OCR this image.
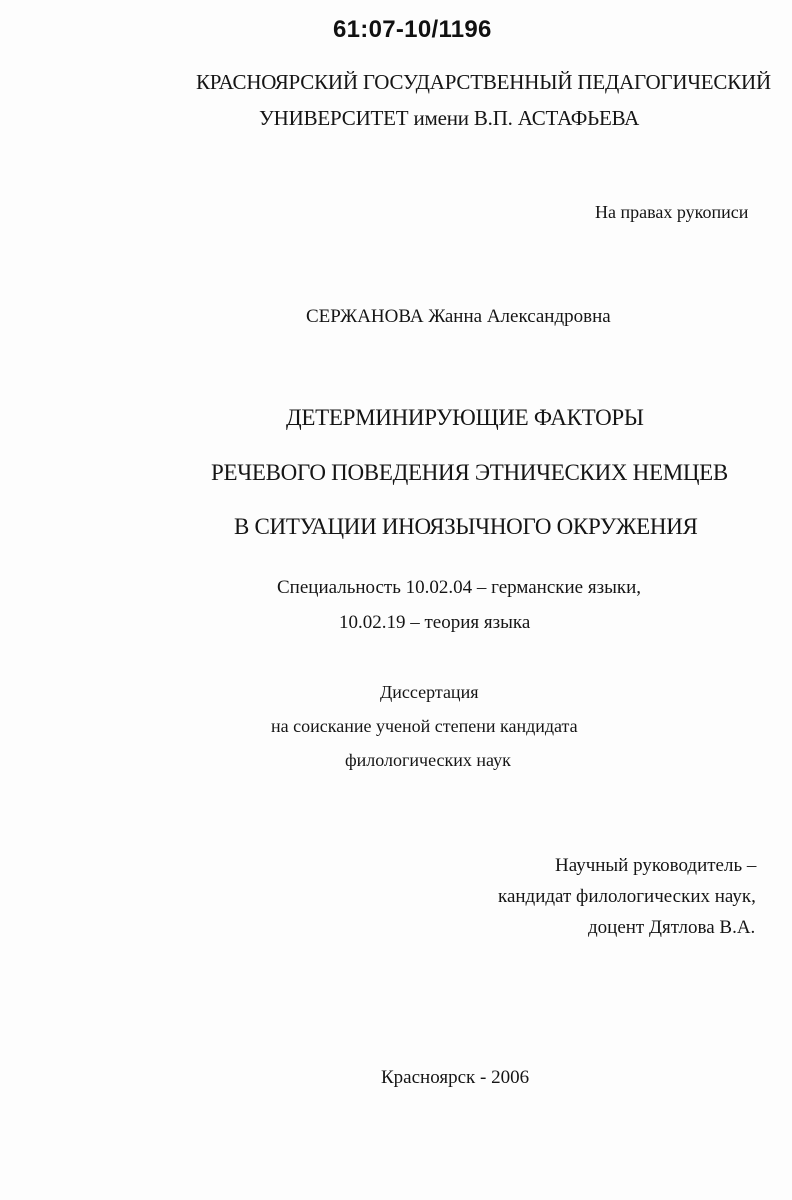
61:07-10/1196
КРАСНОЯРСКИЙ ГОСУДАРСТВЕННЫЙ ПЕДАГОГИЧЕСКИЙ
УНИВЕРСИТЕТ имени В.П. АСТАФЬЕВА
На правах рукописи
СЕРЖАНОВА Жанна Александровна
ДЕТЕРМИНИРУЮЩИЕ ФАКТОРЫ
РЕЧЕВОГО ПОВЕДЕНИЯ ЭТНИЧЕСКИХ НЕМЦЕВ
В СИТУАЦИИ ИНОЯЗЫЧНОГО ОКРУЖЕНИЯ
Специальность 10.02.04 – германские языки,
10.02.19 – теория языка
Диссертация
на соискание ученой степени кандидата
филологических наук
Научный руководитель –
кандидат филологических наук,
доцент Дятлова В.А.
Красноярск - 2006
